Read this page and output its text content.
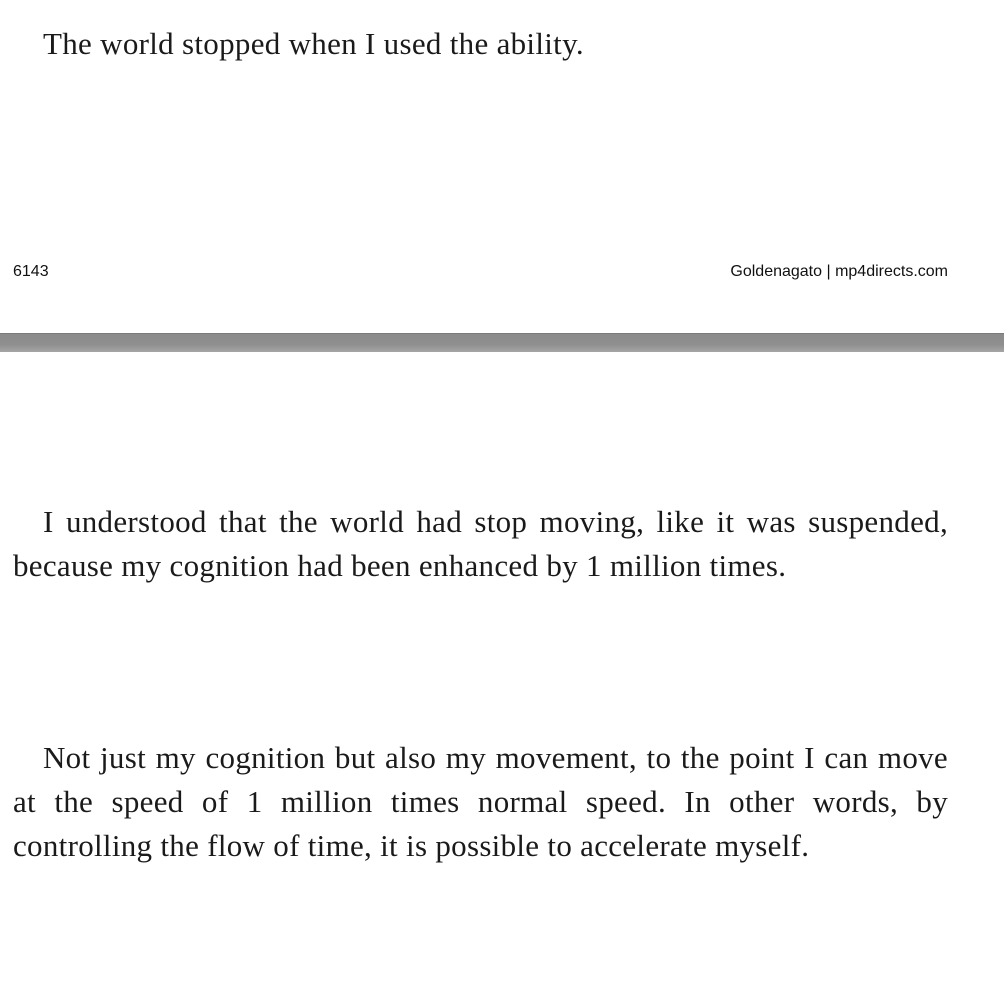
The world stopped when I used the ability.

6143	Goldenagato | mp4directs.com

I understood that the world had stop moving, like it was suspended, because my cognition had been enhanced by 1 million times.

Not just my cognition but also my movement, to the point I can move at the speed of 1 million times normal speed. In other words, by controlling the flow of time, it is possible to accelerate myself.
